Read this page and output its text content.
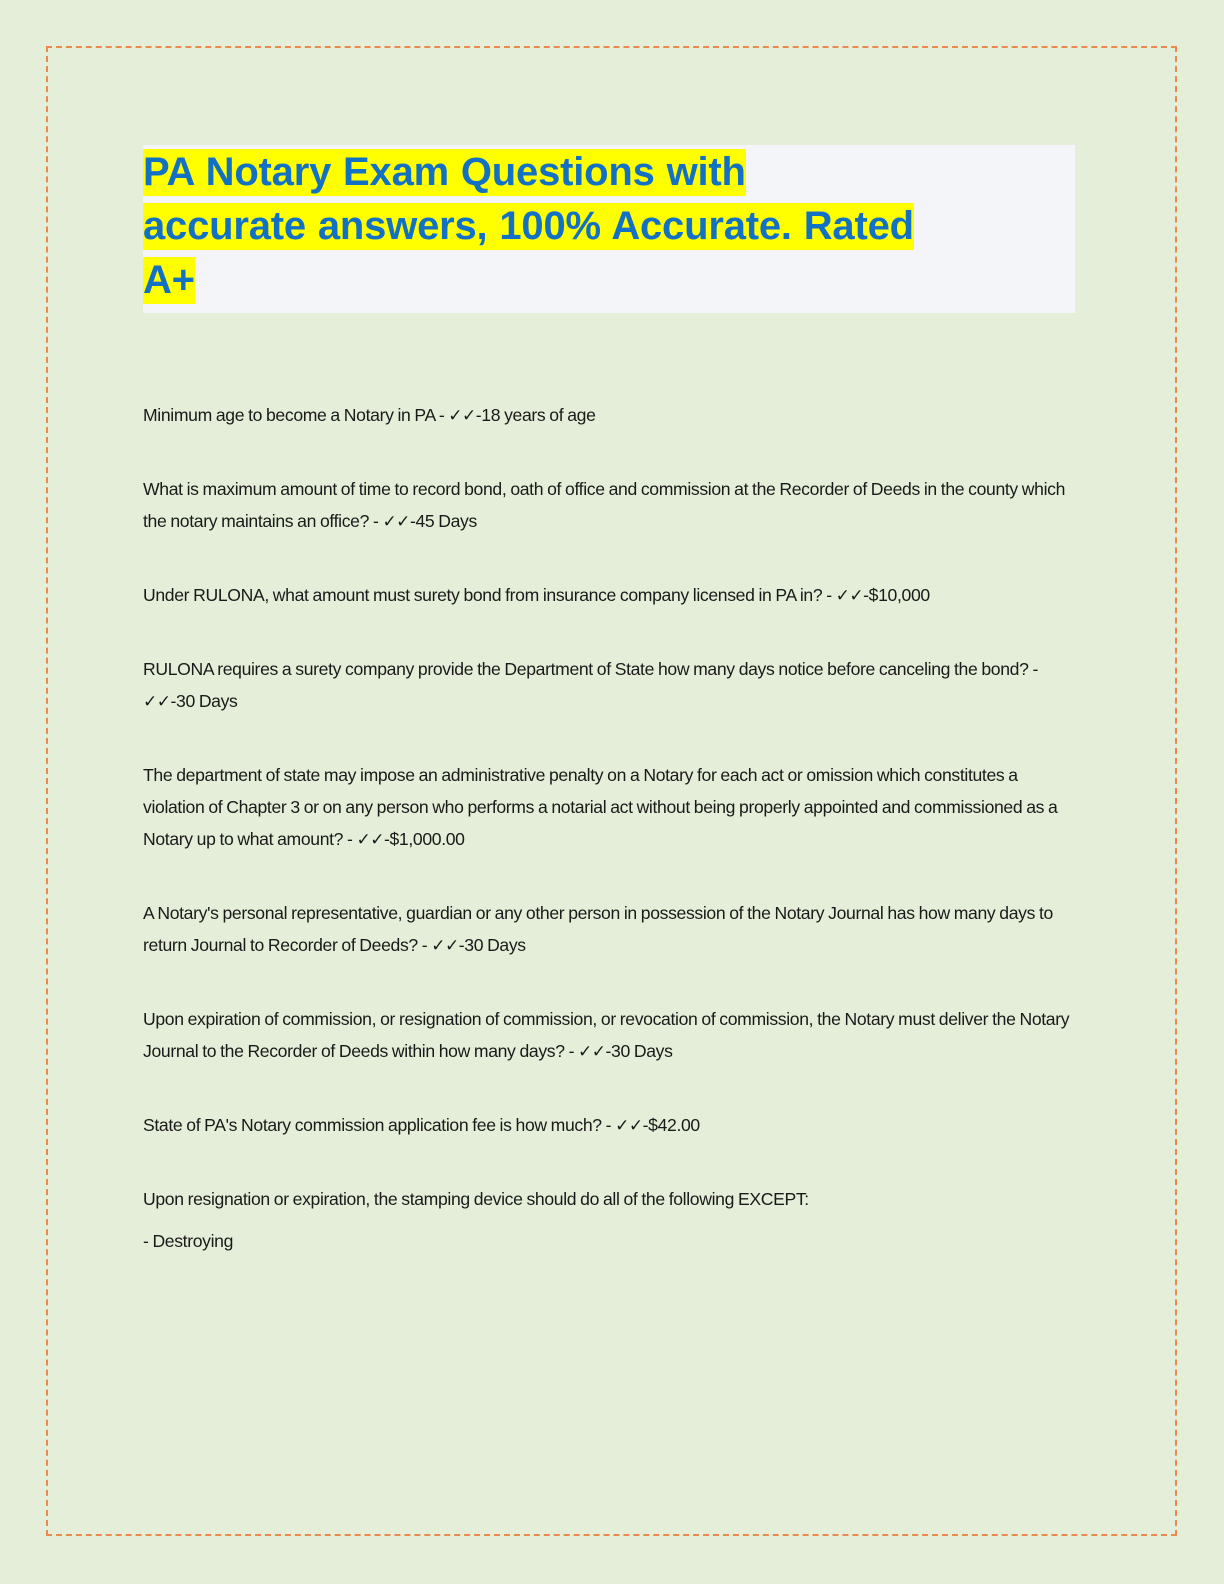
PA Notary Exam Questions with
accurate answers, 100% Accurate. Rated
A+

Minimum age to become a Notary in PA - ✓✓-18 years of age

What is maximum amount of time to record bond, oath of office and commission at the Recorder of Deeds in the county which the notary maintains an office? - ✓✓-45 Days

Under RULONA, what amount must surety bond from insurance company licensed in PA in? - ✓✓-$10,000

RULONA requires a surety company provide the Department of State how many days notice before canceling the bond? - ✓✓-30 Days

The department of state may impose an administrative penalty on a Notary for each act or omission which constitutes a violation of Chapter 3 or on any person who performs a notarial act without being properly appointed and commissioned as a Notary up to what amount? - ✓✓-$1,000.00

A Notary's personal representative, guardian or any other person in possession of the Notary Journal has how many days to return Journal to Recorder of Deeds? - ✓✓-30 Days

Upon expiration of commission, or resignation of commission, or revocation of commission, the Notary must deliver the Notary Journal to the Recorder of Deeds within how many days? - ✓✓-30 Days

State of PA's Notary commission application fee is how much? - ✓✓-$42.00

Upon resignation or expiration, the stamping device should do all of the following EXCEPT:

- Destroying
